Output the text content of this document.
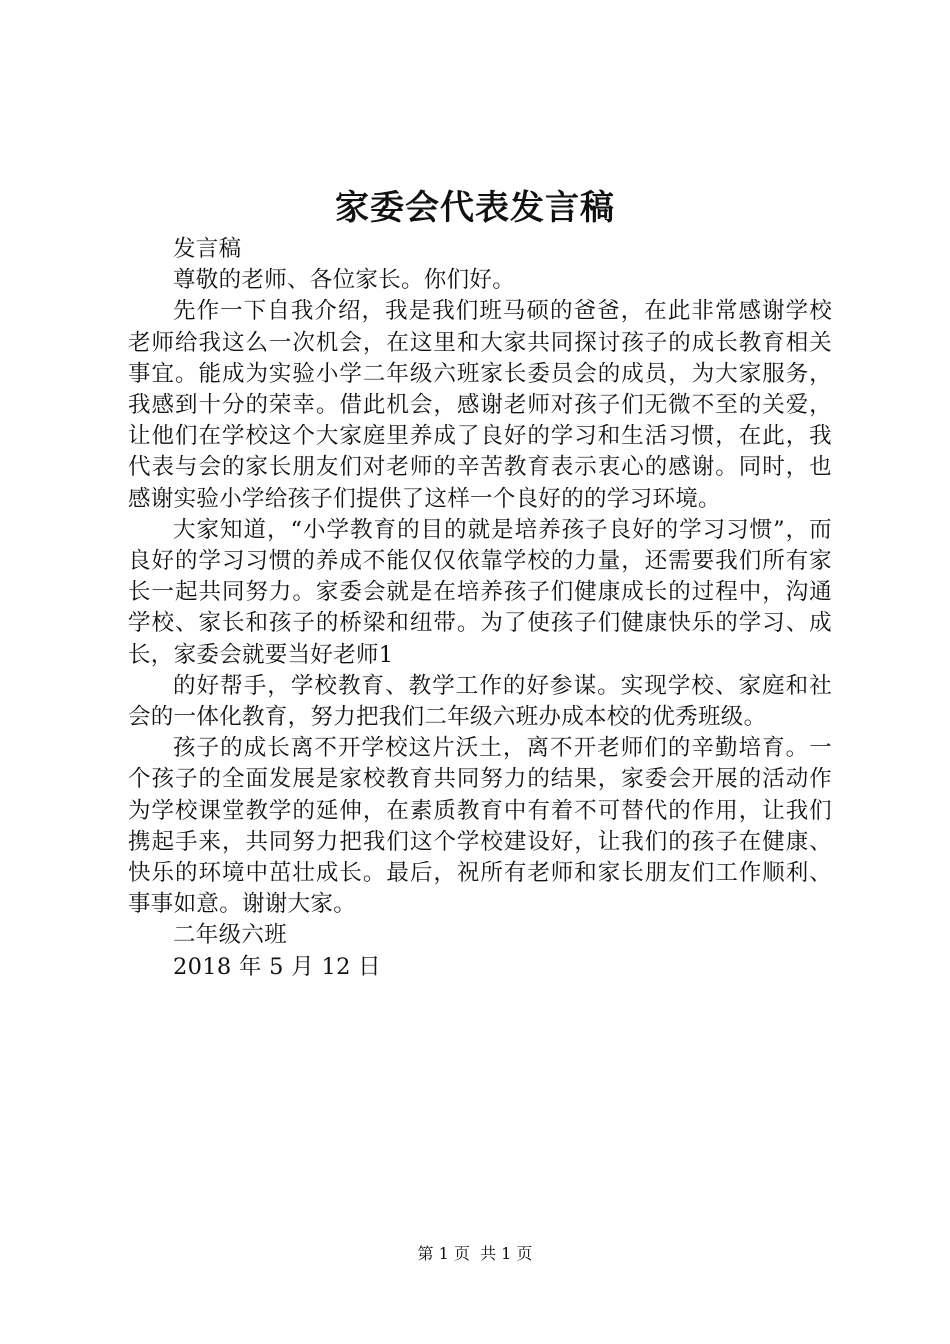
家委会代表发言稿

发言稿

尊敬的老师、各位家长。你们好。

先作一下自我介绍，我是我们班马硕的爸爸，在此非常感谢学校老师给我这么一次机会，在这里和大家共同探讨孩子的成长教育相关事宜。能成为实验小学二年级六班家长委员会的成员，为大家服务，我感到十分的荣幸。借此机会，感谢老师对孩子们无微不至的关爱，让他们在学校这个大家庭里养成了良好的学习和生活习惯，在此，我代表与会的家长朋友们对老师的辛苦教育表示衷心的感谢。同时，也感谢实验小学给孩子们提供了这样一个良好的的学习环境。

大家知道，“小学教育的目的就是培养孩子良好的学习习惯”，而良好的学习习惯的养成不能仅仅依靠学校的力量，还需要我们所有家长一起共同努力。家委会就是在培养孩子们健康成长的过程中，沟通学校、家长和孩子的桥梁和纽带。为了使孩子们健康快乐的学习、成长，家委会就要当好老师1

的好帮手，学校教育、教学工作的好参谋。实现学校、家庭和社会的一体化教育，努力把我们二年级六班办成本校的优秀班级。

孩子的成长离不开学校这片沃土，离不开老师们的辛勤培育。一个孩子的全面发展是家校教育共同努力的结果，家委会开展的活动作为学校课堂教学的延伸，在素质教育中有着不可替代的作用，让我们携起手来，共同努力把我们这个学校建设好，让我们的孩子在健康、快乐的环境中茁壮成长。最后，祝所有老师和家长朋友们工作顺利、事事如意。谢谢大家。

二年级六班

2018 年 5 月 12 日

第 1 页  共 1 页
